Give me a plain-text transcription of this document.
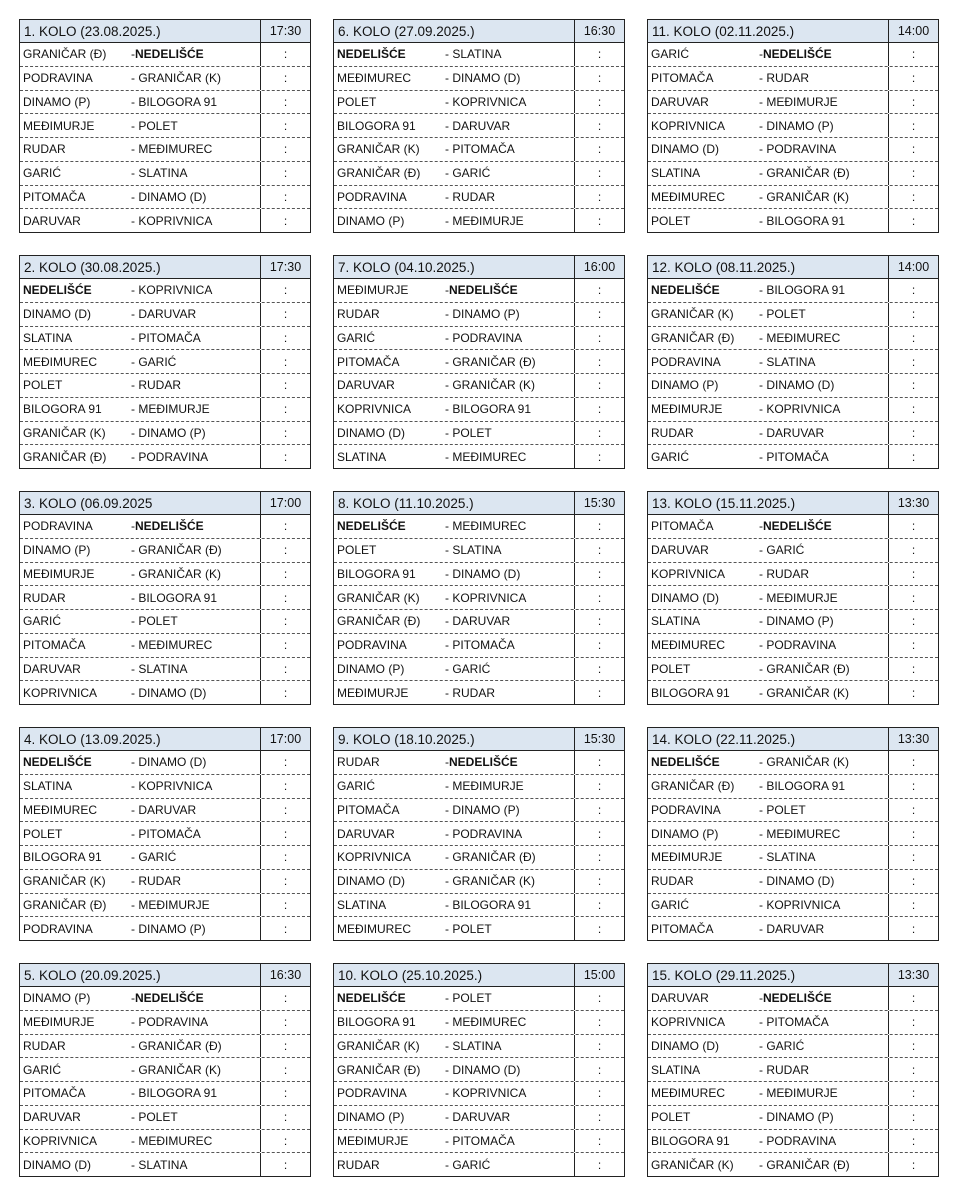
1. KOLO (23.08.2025.)	17:30
GRANIČAR (Đ)	- NEDELIŠĆE	:
PODRAVINA	- GRANIČAR (K)	:
DINAMO (P)	- BILOGORA 91	:
MEĐIMURJE	- POLET	:
RUDAR	- MEĐIMUREC	:
GARIĆ	- SLATINA	:
PITOMAČA	- DINAMO (D)	:
DARUVAR	- KOPRIVNICA	:
6. KOLO (27.09.2025.)	16:30
NEDELIŠĆE	- SLATINA	:
MEĐIMUREC	- DINAMO (D)	:
POLET	- KOPRIVNICA	:
BILOGORA 91	- DARUVAR	:
GRANIČAR (K)	- PITOMAČA	:
GRANIČAR (Đ)	- GARIĆ	:
PODRAVINA	- RUDAR	:
DINAMO (P)	- MEĐIMURJE	:
11. KOLO (02.11.2025.)	14:00
GARIĆ	- NEDELIŠĆE	:
PITOMAČA	- RUDAR	:
DARUVAR	- MEĐIMURJE	:
KOPRIVNICA	- DINAMO (P)	:
DINAMO (D)	- PODRAVINA	:
SLATINA	- GRANIČAR (Đ)	:
MEĐIMUREC	- GRANIČAR (K)	:
POLET	- BILOGORA 91	:
2. KOLO (30.08.2025.)	17:30
NEDELIŠĆE	- KOPRIVNICA	:
DINAMO (D)	- DARUVAR	:
SLATINA	- PITOMAČA	:
MEĐIMUREC	- GARIĆ	:
POLET	- RUDAR	:
BILOGORA 91	- MEĐIMURJE	:
GRANIČAR (K)	- DINAMO (P)	:
GRANIČAR (Đ)	- PODRAVINA	:
7. KOLO (04.10.2025.)	16:00
MEĐIMURJE	- NEDELIŠĆE	:
RUDAR	- DINAMO (P)	:
GARIĆ	- PODRAVINA	:
PITOMAČA	- GRANIČAR (Đ)	:
DARUVAR	- GRANIČAR (K)	:
KOPRIVNICA	- BILOGORA 91	:
DINAMO (D)	- POLET	:
SLATINA	- MEĐIMUREC	:
12. KOLO (08.11.2025.)	14:00
NEDELIŠĆE	- BILOGORA 91	:
GRANIČAR (K)	- POLET	:
GRANIČAR (Đ)	- MEĐIMUREC	:
PODRAVINA	- SLATINA	:
DINAMO (P)	- DINAMO (D)	:
MEĐIMURJE	- KOPRIVNICA	:
RUDAR	- DARUVAR	:
GARIĆ	- PITOMAČA	:
3. KOLO (06.09.2025	17:00
PODRAVINA	- NEDELIŠĆE	:
DINAMO (P)	- GRANIČAR (Đ)	:
MEĐIMURJE	- GRANIČAR (K)	:
RUDAR	- BILOGORA 91	:
GARIĆ	- POLET	:
PITOMAČA	- MEĐIMUREC	:
DARUVAR	- SLATINA	:
KOPRIVNICA	- DINAMO (D)	:
8. KOLO (11.10.2025.)	15:30
NEDELIŠĆE	- MEĐIMUREC	:
POLET	- SLATINA	:
BILOGORA 91	- DINAMO (D)	:
GRANIČAR (K)	- KOPRIVNICA	:
GRANIČAR (Đ)	- DARUVAR	:
PODRAVINA	- PITOMAČA	:
DINAMO (P)	- GARIĆ	:
MEĐIMURJE	- RUDAR	:
13. KOLO (15.11.2025.)	13:30
PITOMAČA	- NEDELIŠĆE	:
DARUVAR	- GARIĆ	:
KOPRIVNICA	- RUDAR	:
DINAMO (D)	- MEĐIMURJE	:
SLATINA	- DINAMO (P)	:
MEĐIMUREC	- PODRAVINA	:
POLET	- GRANIČAR (Đ)	:
BILOGORA 91	- GRANIČAR (K)	:
4. KOLO (13.09.2025.)	17:00
NEDELIŠĆE	- DINAMO (D)	:
SLATINA	- KOPRIVNICA	:
MEĐIMUREC	- DARUVAR	:
POLET	- PITOMAČA	:
BILOGORA 91	- GARIĆ	:
GRANIČAR (K)	- RUDAR	:
GRANIČAR (Đ)	- MEĐIMURJE	:
PODRAVINA	- DINAMO (P)	:
9. KOLO (18.10.2025.)	15:30
RUDAR	- NEDELIŠĆE	:
GARIĆ	- MEĐIMURJE	:
PITOMAČA	- DINAMO (P)	:
DARUVAR	- PODRAVINA	:
KOPRIVNICA	- GRANIČAR (Đ)	:
DINAMO (D)	- GRANIČAR (K)	:
SLATINA	- BILOGORA 91	:
MEĐIMUREC	- POLET	:
14. KOLO (22.11.2025.)	13:30
NEDELIŠĆE	- GRANIČAR (K)	:
GRANIČAR (Đ)	- BILOGORA 91	:
PODRAVINA	- POLET	:
DINAMO (P)	- MEĐIMUREC	:
MEĐIMURJE	- SLATINA	:
RUDAR	- DINAMO (D)	:
GARIĆ	- KOPRIVNICA	:
PITOMAČA	- DARUVAR	:
5. KOLO (20.09.2025.)	16:30
DINAMO (P)	- NEDELIŠĆE	:
MEĐIMURJE	- PODRAVINA	:
RUDAR	- GRANIČAR (Đ)	:
GARIĆ	- GRANIČAR (K)	:
PITOMAČA	- BILOGORA 91	:
DARUVAR	- POLET	:
KOPRIVNICA	- MEĐIMUREC	:
DINAMO (D)	- SLATINA	:
10. KOLO (25.10.2025.)	15:00
NEDELIŠĆE	- POLET	:
BILOGORA 91	- MEĐIMUREC	:
GRANIČAR (K)	- SLATINA	:
GRANIČAR (Đ)	- DINAMO (D)	:
PODRAVINA	- KOPRIVNICA	:
DINAMO (P)	- DARUVAR	:
MEĐIMURJE	- PITOMAČA	:
RUDAR	- GARIĆ	:
15. KOLO (29.11.2025.)	13:30
DARUVAR	- NEDELIŠĆE	:
KOPRIVNICA	- PITOMAČA	:
DINAMO (D)	- GARIĆ	:
SLATINA	- RUDAR	:
MEĐIMUREC	- MEĐIMURJE	:
POLET	- DINAMO (P)	:
BILOGORA 91	- PODRAVINA	:
GRANIČAR (K)	- GRANIČAR (Đ)	:
